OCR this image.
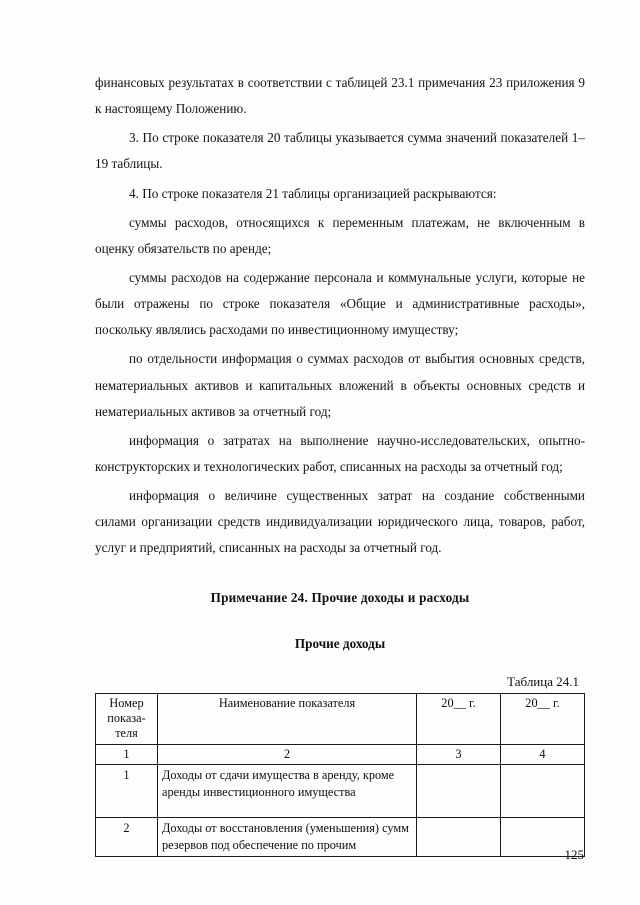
финансовых результатах в соответствии с таблицей 23.1 примечания 23 приложения 9 к настоящему Положению.

3. По строке показателя 20 таблицы указывается сумма значений показателей 1–19 таблицы.

4. По строке показателя 21 таблицы организацией раскрываются:

суммы расходов, относящихся к переменным платежам, не включенным в оценку обязательств по аренде;

суммы расходов на содержание персонала и коммунальные услуги, которые не были отражены по строке показателя «Общие и административные расходы», поскольку являлись расходами по инвестиционному имуществу;

по отдельности информация о суммах расходов от выбытия основных средств, нематериальных активов и капитальных вложений в объекты основных средств и нематериальных активов за отчетный год;

информация о затратах на выполнение научно-исследовательских, опытно-конструкторских и технологических работ, списанных на расходы за отчетный год;

информация о величине существенных затрат на создание собственными силами организации средств индивидуализации юридического лица, товаров, работ, услуг и предприятий, списанных на расходы за отчетный год.

Примечание 24. Прочие доходы и расходы
Прочие доходы
Таблица 24.1
Номер показа-теля	Наименование показателя	20__ г.	20__ г.
1	2	3	4
1	Доходы от сдачи имущества в аренду, кроме аренды инвестиционного имущества		
2	Доходы от восстановления (уменьшения) сумм резервов под обеспечение по прочим		
125
